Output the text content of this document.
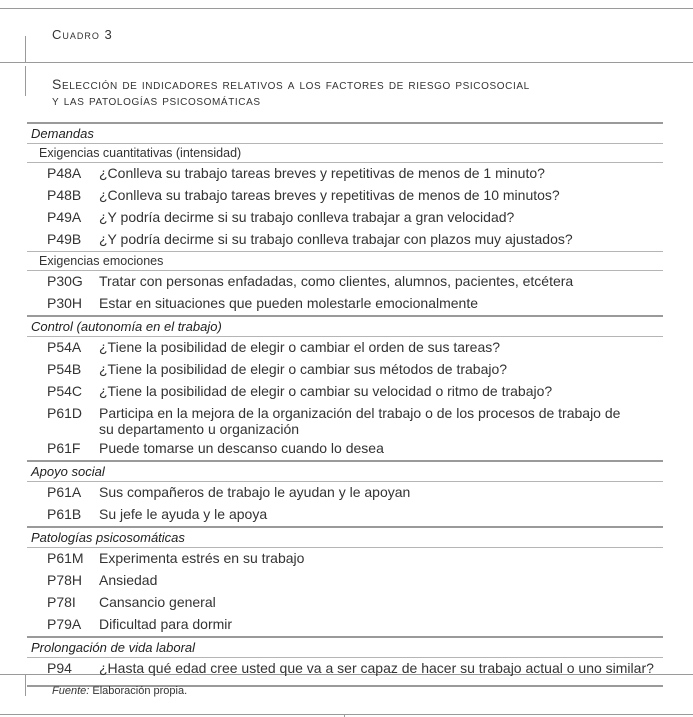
Cuadro 3
Selección de indicadores relativos a los factores de riesgo psicosocial
y las patologías psicosomáticas
Demandas	
Exigencias cuantitativas (intensidad)	
P48A	¿Conlleva su trabajo tareas breves y repetitivas de menos de 1 minuto?
P48B	¿Conlleva su trabajo tareas breves y repetitivas de menos de 10 minutos?
P49A	¿Y podría decirme si su trabajo conlleva trabajar a gran velocidad?
P49B	¿Y podría decirme si su trabajo conlleva trabajar con plazos muy ajustados?
Exigencias emociones	
P30G	Tratar con personas enfadadas, como clientes, alumnos, pacientes, etcétera
P30H	Estar en situaciones que pueden molestarle emocionalmente
Control (autonomía en el trabajo)	
P54A	¿Tiene la posibilidad de elegir o cambiar el orden de sus tareas?
P54B	¿Tiene la posibilidad de elegir o cambiar sus métodos de trabajo?
P54C	¿Tiene la posibilidad de elegir o cambiar su velocidad o ritmo de trabajo?
P61D	Participa en la mejora de la organización del trabajo o de los procesos de trabajo de su departamento u organización
P61F	Puede tomarse un descanso cuando lo desea
Apoyo social	
P61A	Sus compañeros de trabajo le ayudan y le apoyan
P61B	Su jefe le ayuda y le apoya
Patologías psicosomáticas	
P61M	Experimenta estrés en su trabajo
P78H	Ansiedad
P78I	Cansancio general
P79A	Dificultad para dormir
Prolongación de vida laboral	
P94	¿Hasta qué edad cree usted que va a ser capaz de hacer su trabajo actual o uno similar?
Fuente: Elaboración propia.
